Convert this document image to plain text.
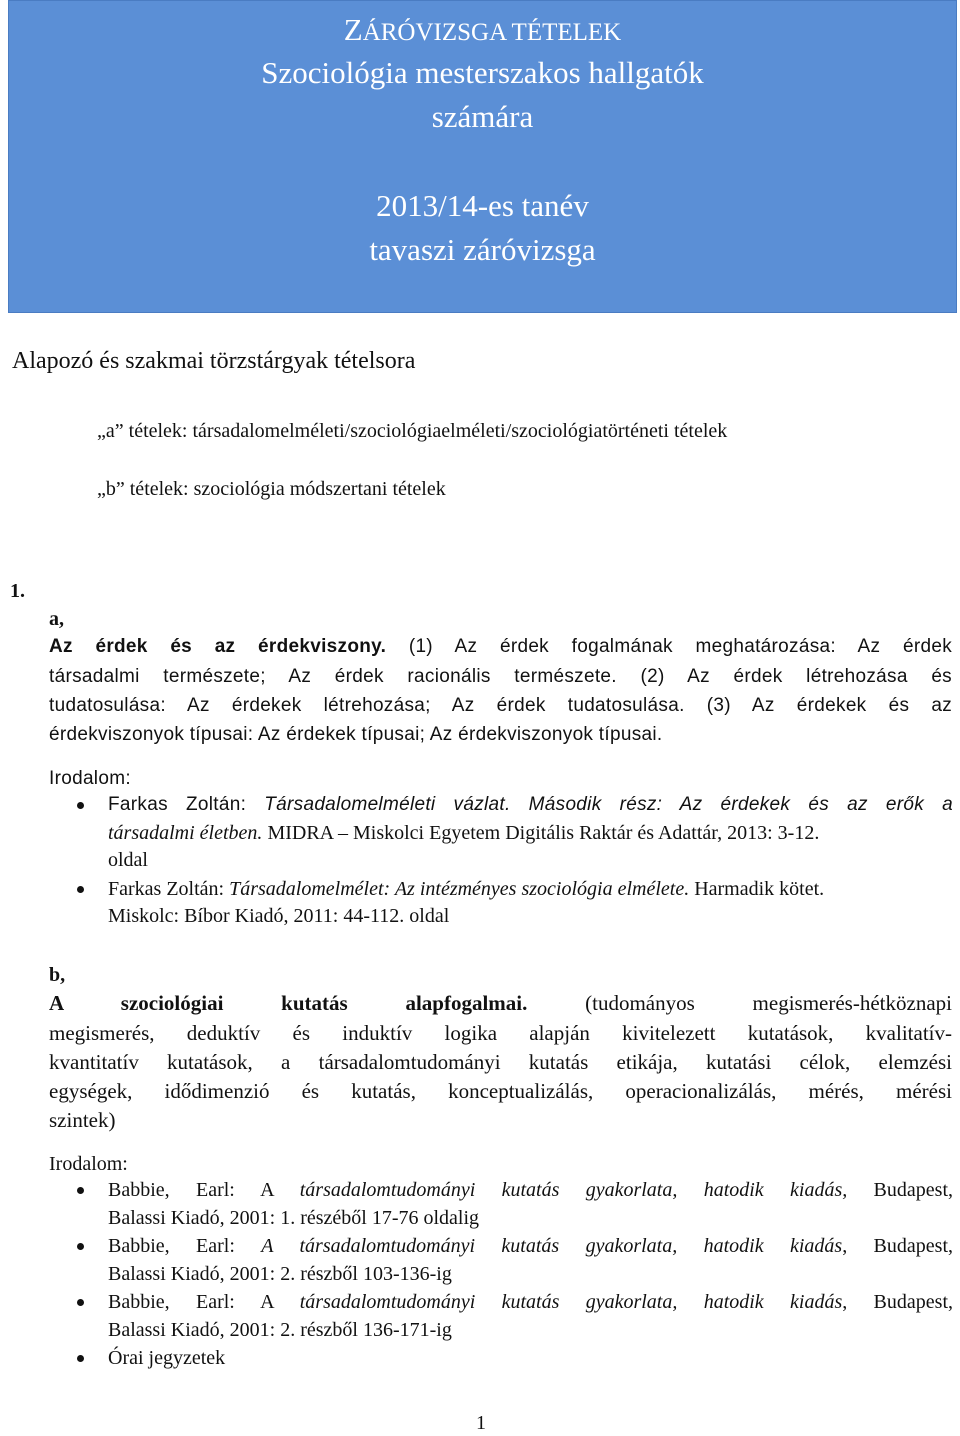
ZÁRÓVIZSGA TÉTELEK
Szociológia mesterszakos hallgatók
számára
2013/14-es tanév
tavaszi záróvizsga
Alapozó és szakmai törzstárgyak tételsora
„a” tételek: társadalomelméleti/szociológiaelméleti/szociológiatörténeti tételek
„b” tételek: szociológia módszertani tételek
1.
a,
Az érdek és az érdekviszony. (1) Az érdek fogalmának meghatározása: Az érdek
társadalmi természete; Az érdek racionális természete. (2) Az érdek létrehozása és
tudatosulása: Az érdekek létrehozása; Az érdek tudatosulása. (3) Az érdekek és az
érdekviszonyok típusai: Az érdekek típusai; Az érdekviszonyok típusai.
Irodalom:
Farkas Zoltán: Társadalomelméleti vázlat. Második rész: Az érdekek és az erők a
társadalmi életben. MIDRA – Miskolci Egyetem Digitális Raktár és Adattár, 2013: 3-12.
oldal
Farkas Zoltán: Társadalomelmélet: Az intézményes szociológia elmélete. Harmadik kötet.
Miskolc: Bíbor Kiadó, 2011: 44-112. oldal
b,
A szociológiai kutatás alapfogalmai. (tudományos megismerés-hétköznapi
megismerés, deduktív és induktív logika alapján kivitelezett kutatások, kvalitatív-
kvantitatív kutatások, a társadalomtudományi kutatás etikája, kutatási célok, elemzési
egységek, idődimenzió és kutatás, konceptualizálás, operacionalizálás, mérés, mérési
szintek)
Irodalom:
Babbie, Earl: A társadalomtudományi kutatás gyakorlata, hatodik kiadás, Budapest,
Balassi Kiadó, 2001: 1. részéből 17-76 oldalig
Babbie, Earl: A társadalomtudományi kutatás gyakorlata, hatodik kiadás, Budapest,
Balassi Kiadó, 2001: 2. részből 103-136-ig
Babbie, Earl: A társadalomtudományi kutatás gyakorlata, hatodik kiadás, Budapest,
Balassi Kiadó, 2001: 2. részből 136-171-ig
Órai jegyzetek
1
